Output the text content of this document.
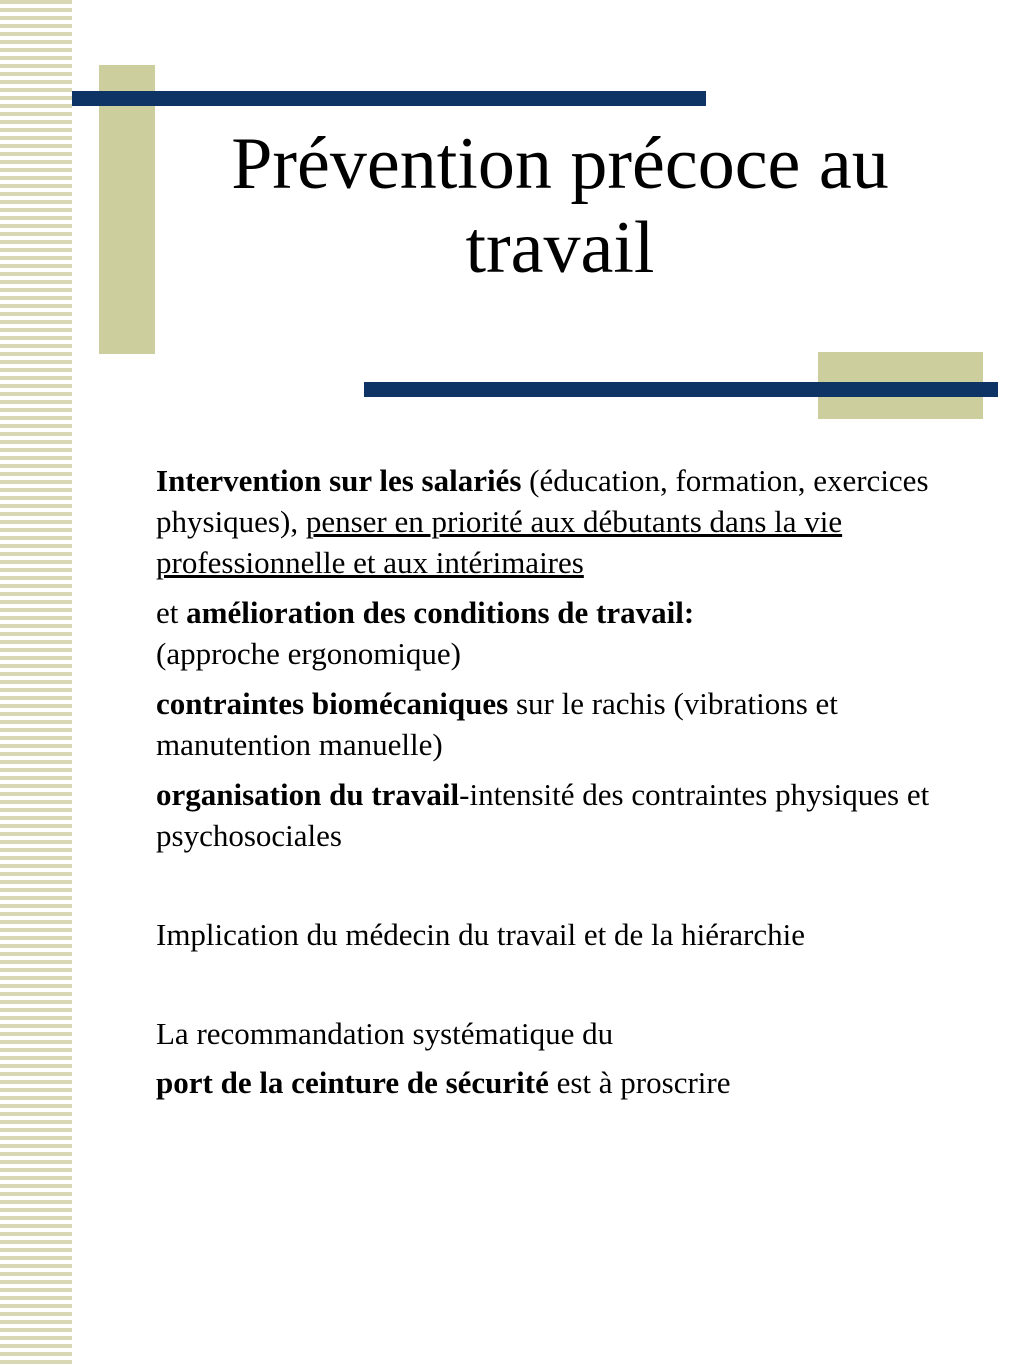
Prévention précoce au travail

Intervention sur les salariés (éducation, formation, exercices physiques), penser en priorité aux débutants dans la vie professionnelle et aux intérimaires

et amélioration des conditions de travail:
(approche ergonomique)

contraintes biomécaniques sur le rachis (vibrations et manutention manuelle)

organisation du travail-intensité des contraintes physiques et psychosociales

Implication du médecin du travail et de la hiérarchie

La recommandation systématique du

port de la ceinture de sécurité est à proscrire
